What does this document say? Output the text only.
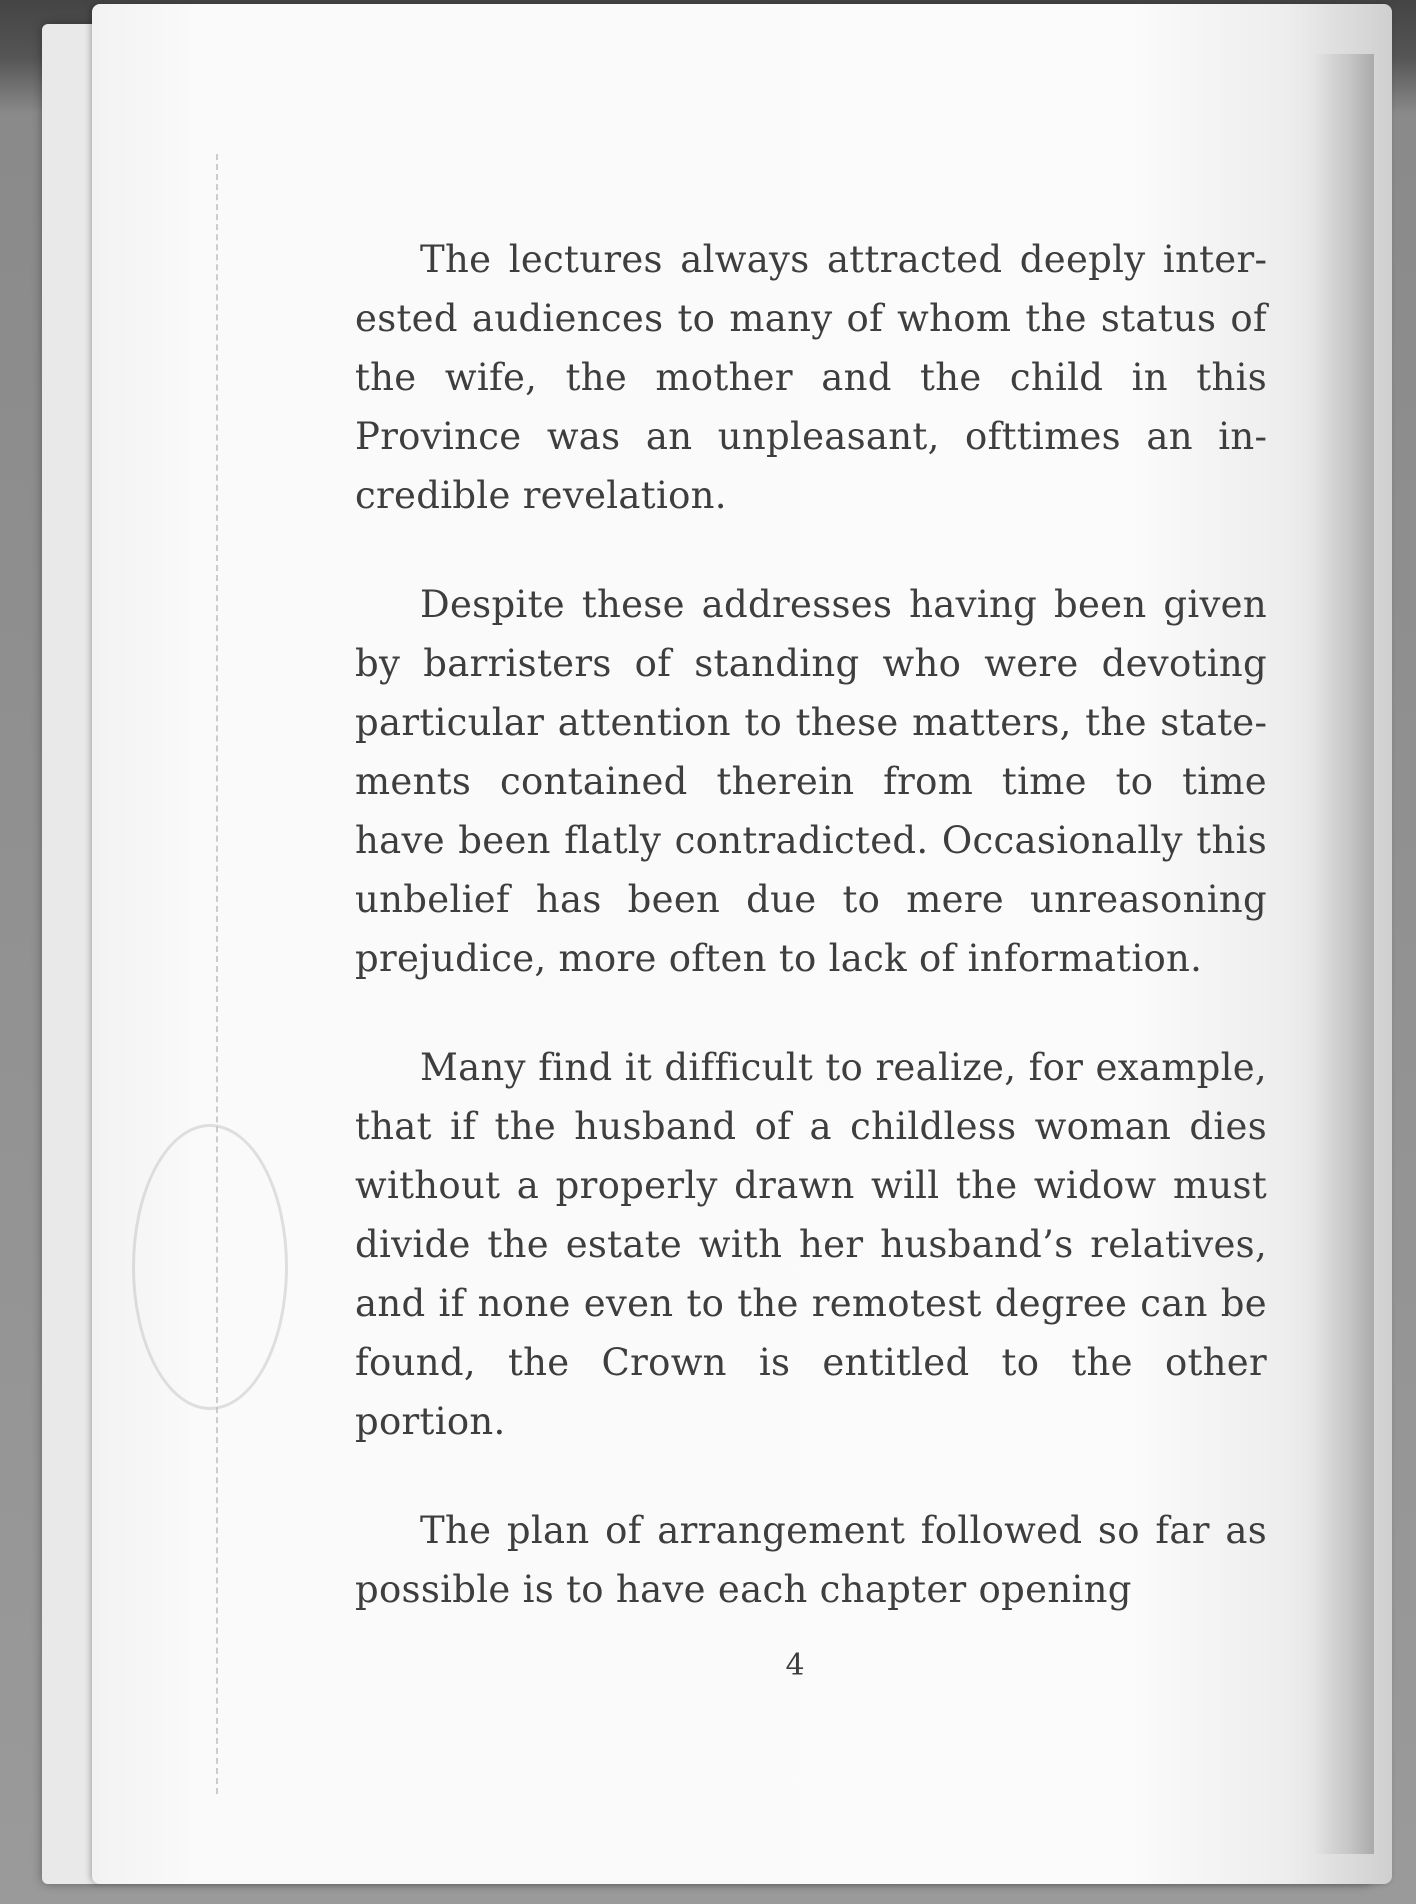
The lectures always attracted deeply interested audiences to many of whom the status of the wife, the mother and the child in this Province was an unpleasant, ofttimes an incredible revelation.

Despite these addresses having been given by barristers of standing who were devoting particular attention to these matters, the statements contained therein from time to time have been flatly contradicted. Occasionally this unbelief has been due to mere unreasoning prejudice, more often to lack of information.

Many find it difficult to realize, for example, that if the husband of a childless woman dies without a properly drawn will the widow must divide the estate with her husband’s relatives, and if none even to the remotest degree can be found, the Crown is entitled to the other portion.

The plan of arrangement followed so far as possible is to have each chapter opening

4
